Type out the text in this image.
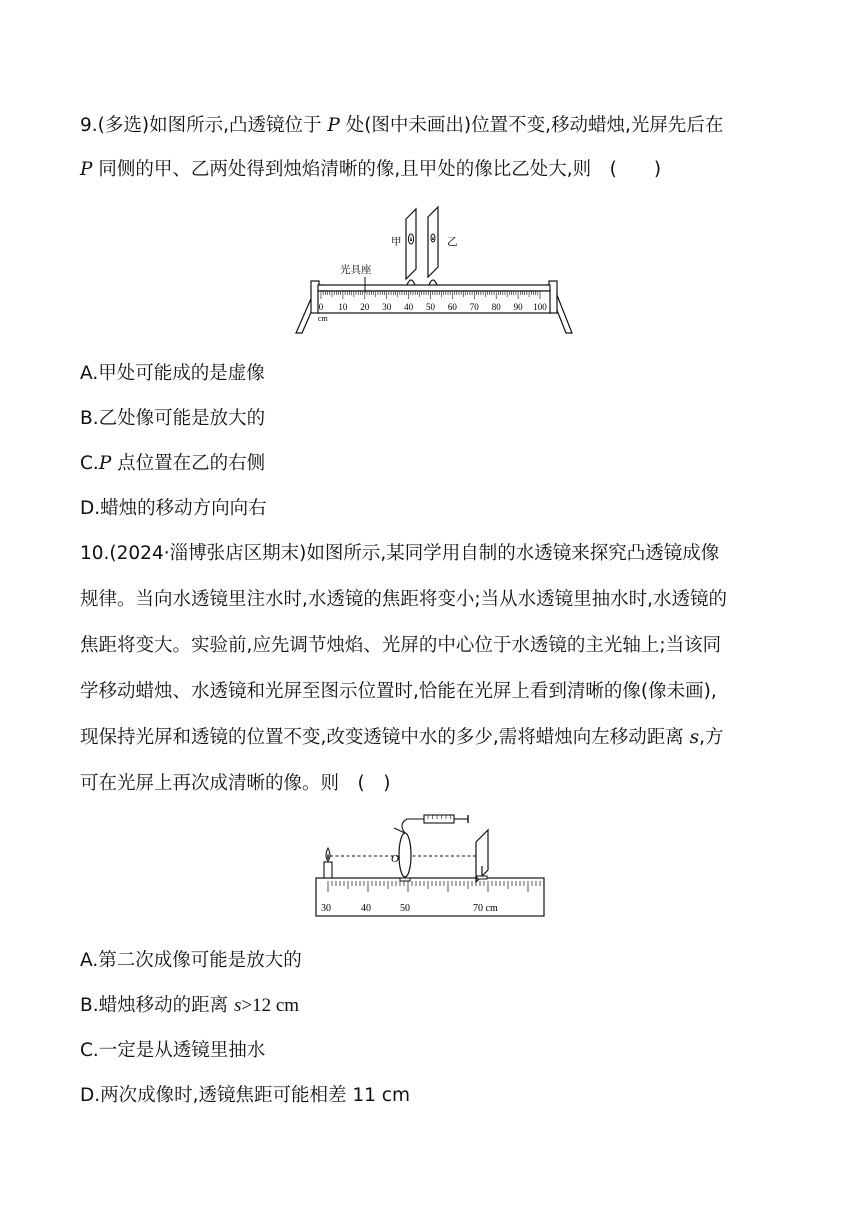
9.(多选)如图所示,凸透镜位于 P 处(图中未画出)位置不变,移动蜡烛,光屏先后在
P 同侧的甲、乙两处得到烛焰清晰的像,且甲处的像比乙处大,则　(　　)
0 10 20 30 40 50 60 70 80 90 100
cm
光具座
甲	乙
A.甲处可能成的是虚像
B.乙处像可能是放大的
C.P 点位置在乙的右侧
D.蜡烛的移动方向向右
10.(2024·淄博张店区期末)如图所示,某同学用自制的水透镜来探究凸透镜成像
规律。当向水透镜里注水时,水透镜的焦距将变小;当从水透镜里抽水时,水透镜的
焦距将变大。实验前,应先调节烛焰、光屏的中心位于水透镜的主光轴上;当该同
学移动蜡烛、水透镜和光屏至图示位置时,恰能在光屏上看到清晰的像(像未画),
现保持光屏和透镜的位置不变,改变透镜中水的多少,需将蜡烛向左移动距离 s,方
可在光屏上再次成清晰的像。则　(　)
30	40	50	70 cm
O
A.第二次成像可能是放大的
B.蜡烛移动的距离 s>12 cm
C.一定是从透镜里抽水
D.两次成像时,透镜焦距可能相差 11 cm
